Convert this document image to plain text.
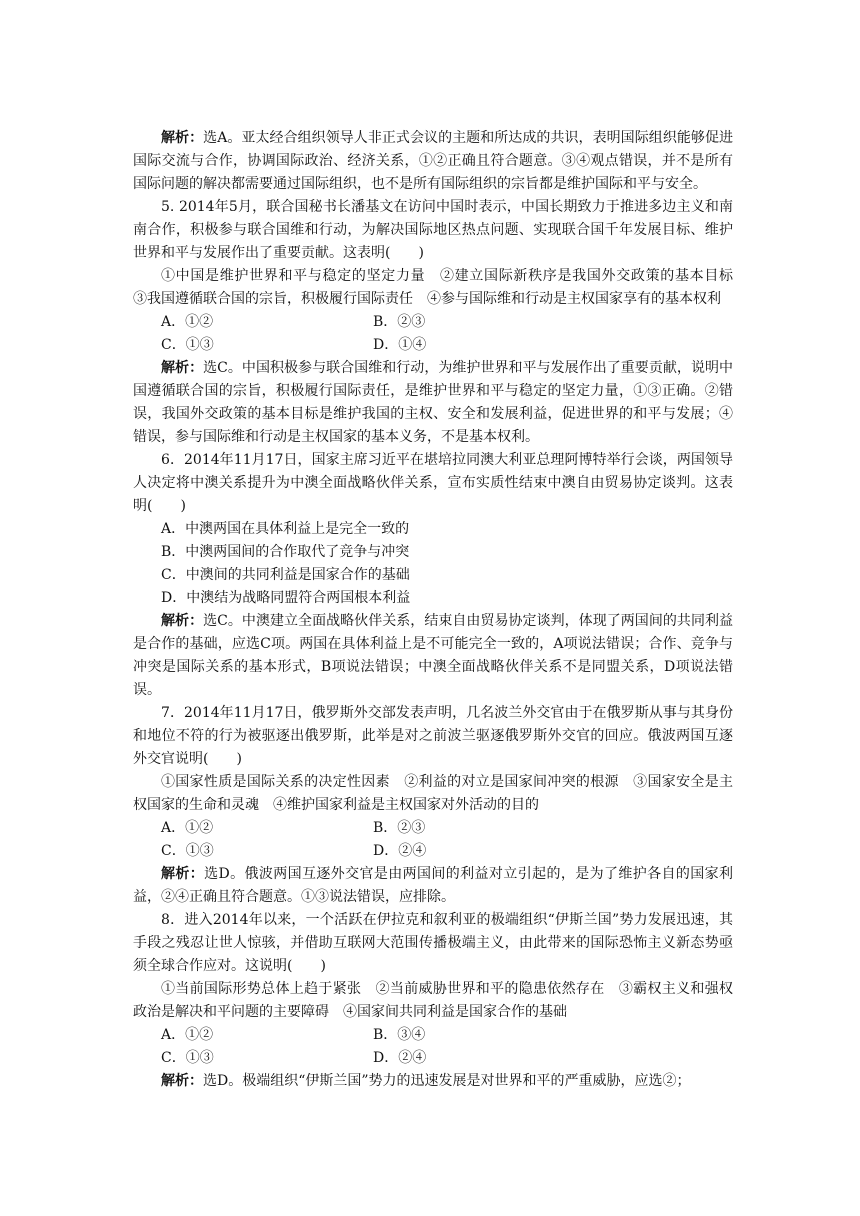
解析：选A。亚太经合组织领导人非正式会议的主题和所达成的共识，表明国际组织能够促进国际交流与合作，协调国际政治、经济关系，①②正确且符合题意。③④观点错误，并不是所有国际问题的解决都需要通过国际组织，也不是所有国际组织的宗旨都是维护国际和平与安全。

5. 2014年5月，联合国秘书长潘基文在访问中国时表示，中国长期致力于推进多边主义和南南合作，积极参与联合国维和行动，为解决国际地区热点问题、实现联合国千年发展目标、维护世界和平与发展作出了重要贡献。这表明(　　)

①中国是维护世界和平与稳定的坚定力量　②建立国际新秩序是我国外交政策的基本目标　③我国遵循联合国的宗旨，积极履行国际责任　④参与国际维和行动是主权国家享有的基本权利

A．①②	B．②③
C．①③	D．①④

解析：选C。中国积极参与联合国维和行动，为维护世界和平与发展作出了重要贡献，说明中国遵循联合国的宗旨，积极履行国际责任，是维护世界和平与稳定的坚定力量，①③正确。②错误，我国外交政策的基本目标是维护我国的主权、安全和发展利益，促进世界的和平与发展；④错误，参与国际维和行动是主权国家的基本义务，不是基本权利。

6．2014年11月17日，国家主席习近平在堪培拉同澳大利亚总理阿博特举行会谈，两国领导人决定将中澳关系提升为中澳全面战略伙伴关系，宣布实质性结束中澳自由贸易协定谈判。这表明(　　)

A．中澳两国在具体利益上是完全一致的

B．中澳两国间的合作取代了竞争与冲突

C．中澳间的共同利益是国家合作的基础

D．中澳结为战略同盟符合两国根本利益

解析：选C。中澳建立全面战略伙伴关系，结束自由贸易协定谈判，体现了两国间的共同利益是合作的基础，应选C项。两国在具体利益上是不可能完全一致的，A项说法错误；合作、竞争与冲突是国际关系的基本形式，B项说法错误；中澳全面战略伙伴关系不是同盟关系，D项说法错误。

7．2014年11月17日，俄罗斯外交部发表声明，几名波兰外交官由于在俄罗斯从事与其身份和地位不符的行为被驱逐出俄罗斯，此举是对之前波兰驱逐俄罗斯外交官的回应。俄波两国互逐外交官说明(　　)

①国家性质是国际关系的决定性因素　②利益的对立是国家间冲突的根源　③国家安全是主权国家的生命和灵魂　④维护国家利益是主权国家对外活动的目的

A．①②	B．②③
C．①③	D．②④

解析：选D。俄波两国互逐外交官是由两国间的利益对立引起的，是为了维护各自的国家利益，②④正确且符合题意。①③说法错误，应排除。

8．进入2014年以来，一个活跃在伊拉克和叙利亚的极端组织“伊斯兰国”势力发展迅速，其手段之残忍让世人惊骇，并借助互联网大范围传播极端主义，由此带来的国际恐怖主义新态势亟须全球合作应对。这说明(　　)

①当前国际形势总体上趋于紧张　②当前威胁世界和平的隐患依然存在　③霸权主义和强权政治是解决和平问题的主要障碍　④国家间共同利益是国家合作的基础

A．①②	B．③④
C．①③	D．②④

解析：选D。极端组织“伊斯兰国”势力的迅速发展是对世界和平的严重威胁，应选②；
